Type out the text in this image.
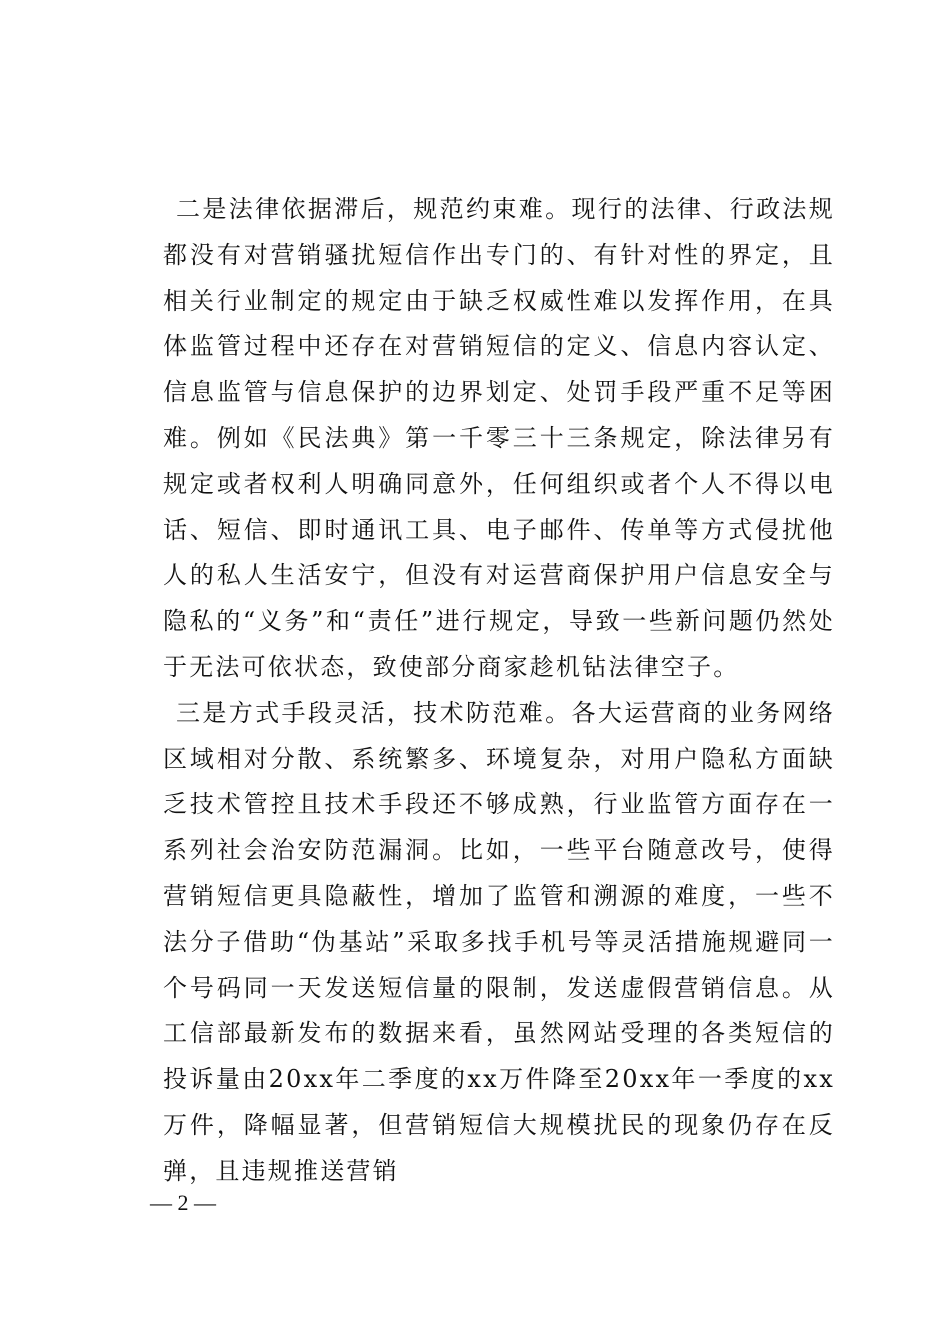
二是法律依据滞后，规范约束难。现行的法律、行政法规都没有对营销骚扰短信作出专门的、有针对性的界定，且相关行业制定的规定由于缺乏权威性难以发挥作用，在具体监管过程中还存在对营销短信的定义、信息内容认定、信息监管与信息保护的边界划定、处罚手段严重不足等困难。例如《民法典》第一千零三十三条规定，除法律另有规定或者权利人明确同意外，任何组织或者个人不得以电话、短信、即时通讯工具、电子邮件、传单等方式侵扰他人的私人生活安宁，但没有对运营商保护用户信息安全与隐私的“义务”和“责任”进行规定，导致一些新问题仍然处于无法可依状态，致使部分商家趁机钻法律空子。

三是方式手段灵活，技术防范难。各大运营商的业务网络区域相对分散、系统繁多、环境复杂，对用户隐私方面缺乏技术管控且技术手段还不够成熟，行业监管方面存在一系列社会治安防范漏洞。比如，一些平台随意改号，使得营销短信更具隐蔽性，增加了监管和溯源的难度，一些不法分子借助“伪基站”采取多找手机号等灵活措施规避同一个号码同一天发送短信量的限制，发送虚假营销信息。从工信部最新发布的数据来看，虽然网站受理的各类短信的投诉量由20xx年二季度的xx万件降至20xx年一季度的xx万件，降幅显著，但营销短信大规模扰民的现象仍存在反弹，且违规推送营销

— 2 —
